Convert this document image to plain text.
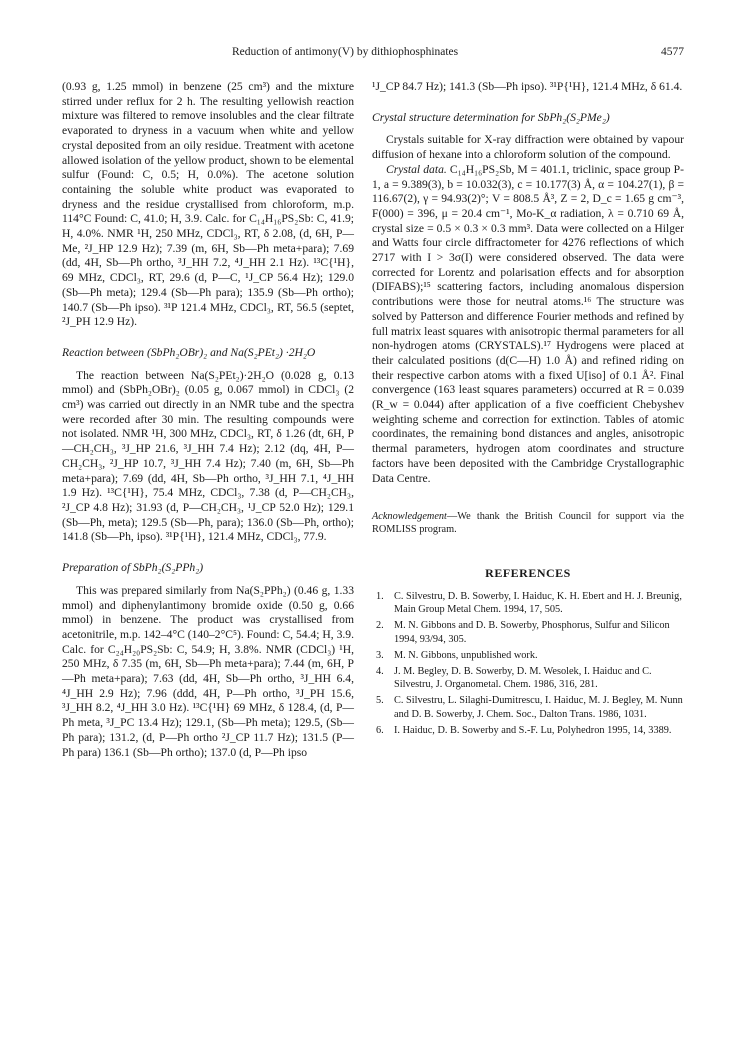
Reduction of antimony(V) by dithiophosphinates	4577

(0.93 g, 1.25 mmol) in benzene (25 cm³) and the mixture stirred under reflux for 2 h. The resulting yellowish reaction mixture was filtered to remove insolubles and the clear filtrate evaporated to dryness in a vacuum when white and yellow crystal deposited from an oily residue. Treatment with acetone allowed isolation of the yellow product, shown to be elemental sulfur (Found: C, 0.5; H, 0.0%). The acetone solution containing the soluble white product was evaporated to dryness and the residue crystallised from chloroform, m.p. 114°C Found: C, 41.0; H, 3.9. Calc. for C₁₄H₁₆PS₂Sb: C, 41.9; H, 4.0%. NMR ¹H, 250 MHz, CDCl₃, RT, δ 2.08, (d, 6H, P—Me, ²J_HP 12.9 Hz); 7.39 (m, 6H, Sb—Ph meta+para); 7.69 (dd, 4H, Sb—Ph ortho, ³J_HH 7.2, ⁴J_HH 2.1 Hz). ¹³C{¹H}, 69 MHz, CDCl₃, RT, 29.6 (d, P—C, ¹J_CP 56.4 Hz); 129.0 (Sb—Ph meta); 129.4 (Sb—Ph para); 135.9 (Sb—Ph ortho); 140.7 (Sb—Ph ipso). ³¹P 121.4 MHz, CDCl₃, RT, 56.5 (septet, ²J_PH 12.9 Hz).

Reaction between (SbPh₂OBr)₂ and Na(S₂PEt₂) ·2H₂O

The reaction between Na(S₂PEt₂)·2H₂O (0.028 g, 0.13 mmol) and (SbPh₂OBr)₂ (0.05 g, 0.067 mmol) in CDCl₃ (2 cm³) was carried out directly in an NMR tube and the spectra were recorded after 30 min. The resulting compounds were not isolated. NMR ¹H, 300 MHz, CDCl₃, RT, δ 1.26 (dt, 6H, P—CH₂CH₃, ³J_HP 21.6, ³J_HH 7.4 Hz); 2.12 (dq, 4H, P—CH₂CH₃, ²J_HP 10.7, ³J_HH 7.4 Hz); 7.40 (m, 6H, Sb—Ph meta+para); 7.69 (dd, 4H, Sb—Ph ortho, ³J_HH 7.1, ⁴J_HH 1.9 Hz). ¹³C{¹H}, 75.4 MHz, CDCl₃, 7.38 (d, P—CH₂CH₃, ²J_CP 4.8 Hz); 31.93 (d, P—CH₂CH₃, ¹J_CP 52.0 Hz); 129.1 (Sb—Ph, meta); 129.5 (Sb—Ph, para); 136.0 (Sb—Ph, ortho); 141.8 (Sb—Ph, ipso). ³¹P{¹H}, 121.4 MHz, CDCl₃, 77.9.

Preparation of SbPh₂(S₂PPh₂)

This was prepared similarly from Na(S₂PPh₂) (0.46 g, 1.33 mmol) and diphenylantimony bromide oxide (0.50 g, 0.66 mmol) in benzene. The product was crystallised from acetonitrile, m.p. 142–4°C (140–2°C⁵). Found: C, 54.4; H, 3.9. Calc. for C₂₄H₂₀PS₂Sb: C, 54.9; H, 3.8%. NMR (CDCl₃) ¹H, 250 MHz, δ 7.35 (m, 6H, Sb—Ph meta+para); 7.44 (m, 6H, P—Ph meta+para); 7.63 (dd, 4H, Sb—Ph ortho, ³J_HH 6.4, ⁴J_HH 2.9 Hz); 7.96 (ddd, 4H, P—Ph ortho, ³J_PH 15.6, ³J_HH 8.2, ⁴J_HH 3.0 Hz). ¹³C{¹H} 69 MHz, δ 128.4, (d, P—Ph meta, ³J_PC 13.4 Hz); 129.1, (Sb—Ph meta); 129.5, (Sb—Ph para); 131.2, (d, P—Ph ortho ²J_CP 11.7 Hz); 131.5 (P—Ph para) 136.1 (Sb—Ph ortho); 137.0 (d, P—Ph ipso

¹J_CP 84.7 Hz); 141.3 (Sb—Ph ipso). ³¹P{¹H}, 121.4 MHz, δ 61.4.

Crystal structure determination for SbPh₂(S₂PMe₂)

Crystals suitable for X-ray diffraction were obtained by vapour diffusion of hexane into a chloroform solution of the compound.

Crystal data. C₁₄H₁₆PS₂Sb, M = 401.1, triclinic, space group P-1, a = 9.389(3), b = 10.032(3), c = 10.177(3) Å, α = 104.27(1), β = 116.67(2), γ = 94.93(2)°; V = 808.5 Å³, Z = 2, D_c = 1.65 g cm⁻³, F(000) = 396, μ = 20.4 cm⁻¹, Mo-K_α radiation, λ = 0.710 69 Å, crystal size = 0.5 × 0.3 × 0.3 mm³. Data were collected on a Hilger and Watts four circle diffractometer for 4276 reflections of which 2717 with I > 3σ(I) were considered observed. The data were corrected for Lorentz and polarisation effects and for absorption (DIFABS);¹⁵ scattering factors, including anomalous dispersion contributions were those for neutral atoms.¹⁶ The structure was solved by Patterson and difference Fourier methods and refined by full matrix least squares with anisotropic thermal parameters for all non-hydrogen atoms (CRYSTALS).¹⁷ Hydrogens were placed at their calculated positions (d(C—H) 1.0 Å) and refined riding on their respective carbon atoms with a fixed U[iso] of 0.1 Å². Final convergence (163 least squares parameters) occurred at R = 0.039 (R_w = 0.044) after application of a five coefficient Chebyshev weighting scheme and correction for extinction. Tables of atomic coordinates, the remaining bond distances and angles, anisotropic thermal parameters, hydrogen atom coordinates and structure factors have been deposited with the Cambridge Crystallographic Data Centre.

Acknowledgement—We thank the British Council for support via the ROMLISS program.

REFERENCES
1. C. Silvestru, D. B. Sowerby, I. Haiduc, K. H. Ebert and H. J. Breunig, Main Group Metal Chem. 1994, 17, 505.
2. M. N. Gibbons and D. B. Sowerby, Phosphorus, Sulfur and Silicon 1994, 93/94, 305.
3. M. N. Gibbons, unpublished work.
4. J. M. Begley, D. B. Sowerby, D. M. Wesolek, I. Haiduc and C. Silvestru, J. Organometal. Chem. 1986, 316, 281.
5. C. Silvestru, L. Silaghi-Dumitrescu, I. Haiduc, M. J. Begley, M. Nunn and D. B. Sowerby, J. Chem. Soc., Dalton Trans. 1986, 1031.
6. I. Haiduc, D. B. Sowerby and S.-F. Lu, Polyhedron 1995, 14, 3389.
